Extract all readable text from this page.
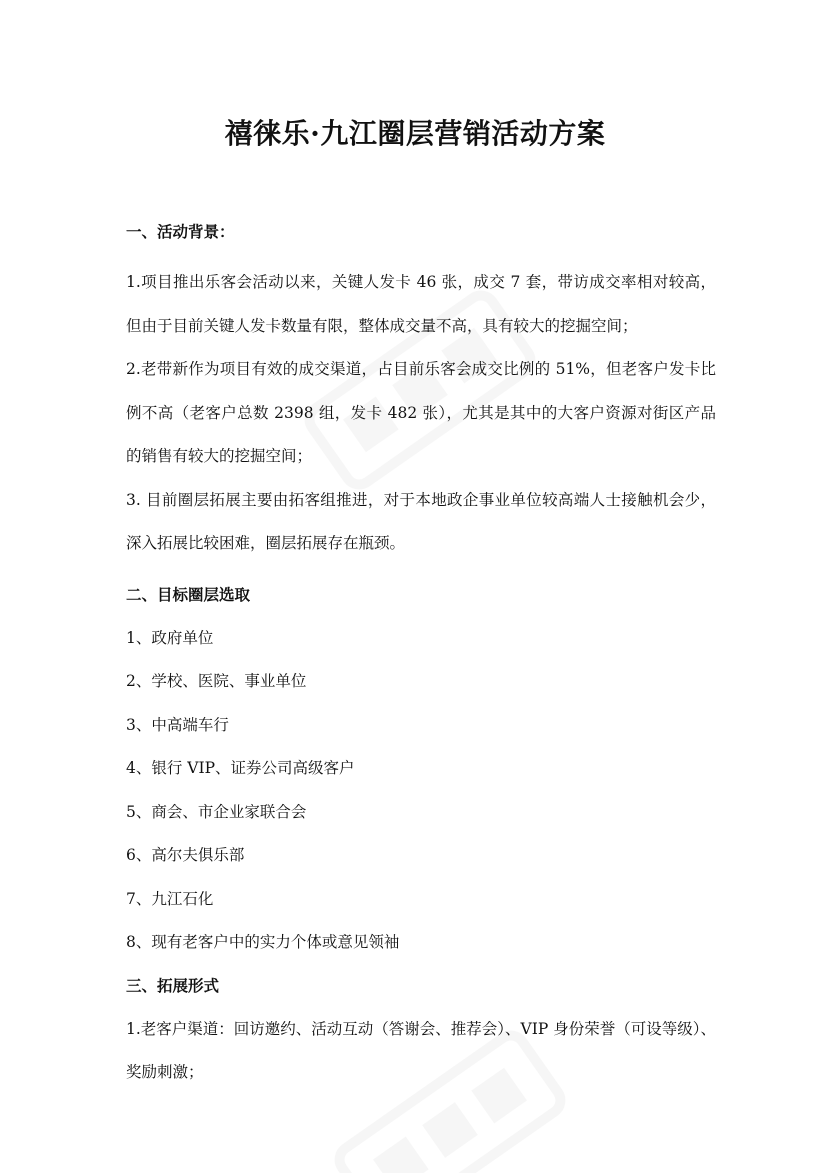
禧徕乐·九江圈层营销活动方案

一、活动背景：

1.项目推出乐客会活动以来，关键人发卡 46 张，成交 7 套，带访成交率相对较高，但由于目前关键人发卡数量有限，整体成交量不高，具有较大的挖掘空间；

2.老带新作为项目有效的成交渠道，占目前乐客会成交比例的 51%，但老客户发卡比例不高（老客户总数 2398 组，发卡 482 张），尤其是其中的大客户资源对街区产品的销售有较大的挖掘空间；

3. 目前圈层拓展主要由拓客组推进，对于本地政企事业单位较高端人士接触机会少，深入拓展比较困难，圈层拓展存在瓶颈。

二、目标圈层选取

1、政府单位

2、学校、医院、事业单位

3、中高端车行

4、银行 VIP、证券公司高级客户

5、商会、市企业家联合会

6、高尔夫俱乐部

7、九江石化

8、现有老客户中的实力个体或意见领袖

三、拓展形式

1.老客户渠道：回访邀约、活动互动（答谢会、推荐会）、VIP 身份荣誉（可设等级）、奖励刺激；
